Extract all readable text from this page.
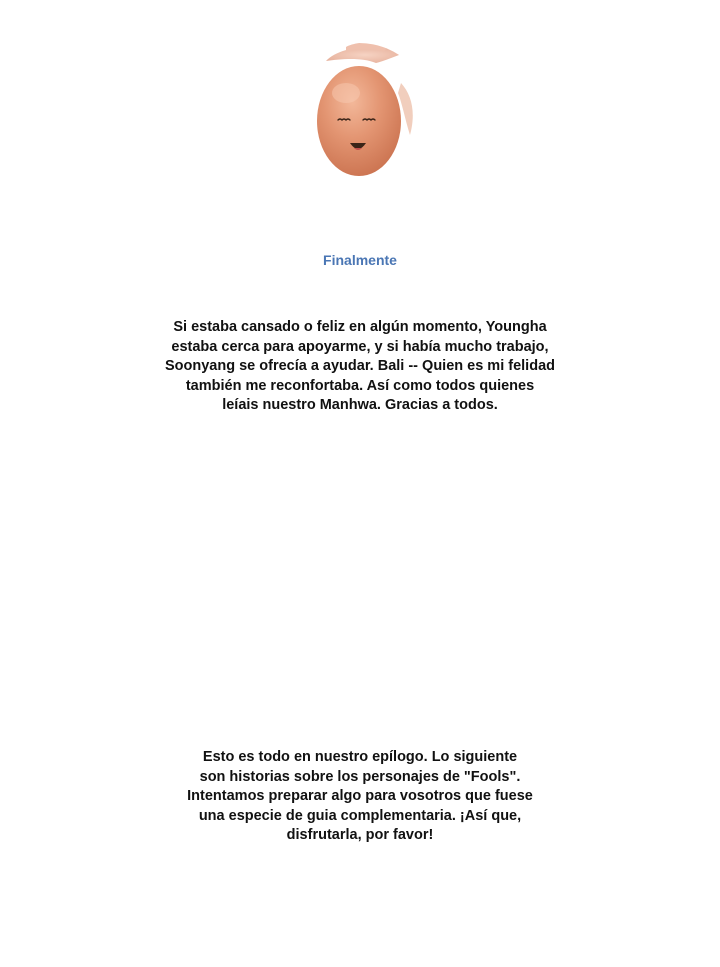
Finalmente
Si estaba cansado o feliz en algún momento, Youngha
estaba cerca para apoyarme, y si había mucho trabajo,
Soonyang se ofrecía a ayudar. Bali -- Quien es mi felidad
también me reconfortaba. Así como todos quienes
leíais nuestro Manhwa. Gracias a todos.
Esto es todo en nuestro epílogo. Lo siguiente
son historias sobre los personajes de "Fools".
Intentamos preparar algo para vosotros que fuese
una especie de guia complementaria. ¡Así que,
disfrutarla, por favor!
